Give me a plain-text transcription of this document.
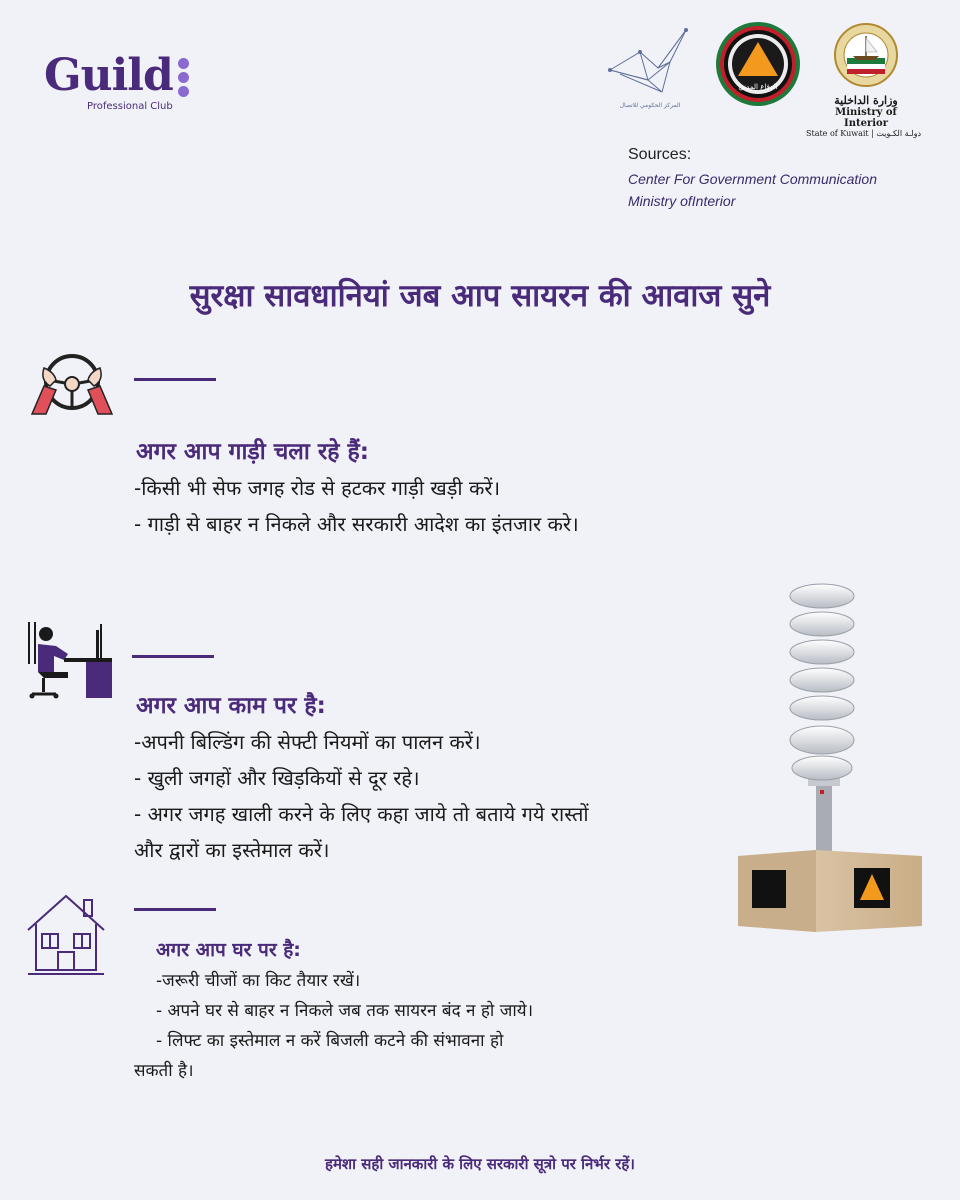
Guild
Professional Club	المركز الحكومي للاتصال
الدفاع المدني
وزارة الداخلية
Ministry of Interior
State of Kuwait | دولـة الكـويت
Sources:
Center For Government Communication
Ministry ofInterior
सुरक्षा सावधानियां जब आप सायरन की आवाज सुने
अगर आप गाड़ी चला रहे हैं:
-किसी भी सेफ जगह रोड से हटकर गाड़ी खड़ी करें।
- गाड़ी से बाहर न निकले और सरकारी आदेश का इंतजार करे।
अगर आप काम पर है:
-अपनी बिल्डिंग की सेफ्टी नियमों का पालन करें।
- खुली जगहों और खिड़कियों से दूर रहे।
- अगर जगह खाली करने के लिए कहा जाये तो बताये गये रास्तों
और द्वारों का इस्तेमाल करें।
अगर आप घर पर है:
-जरूरी चीजों का किट तैयार रखें।
- अपने घर से बाहर न निकले जब तक सायरन बंद न हो जाये।
- लिफ्ट का इस्तेमाल न करें बिजली कटने की संभावना हो
सकती है।
हमेशा सही जानकारी के लिए सरकारी सूत्रो पर निर्भर रहें।
